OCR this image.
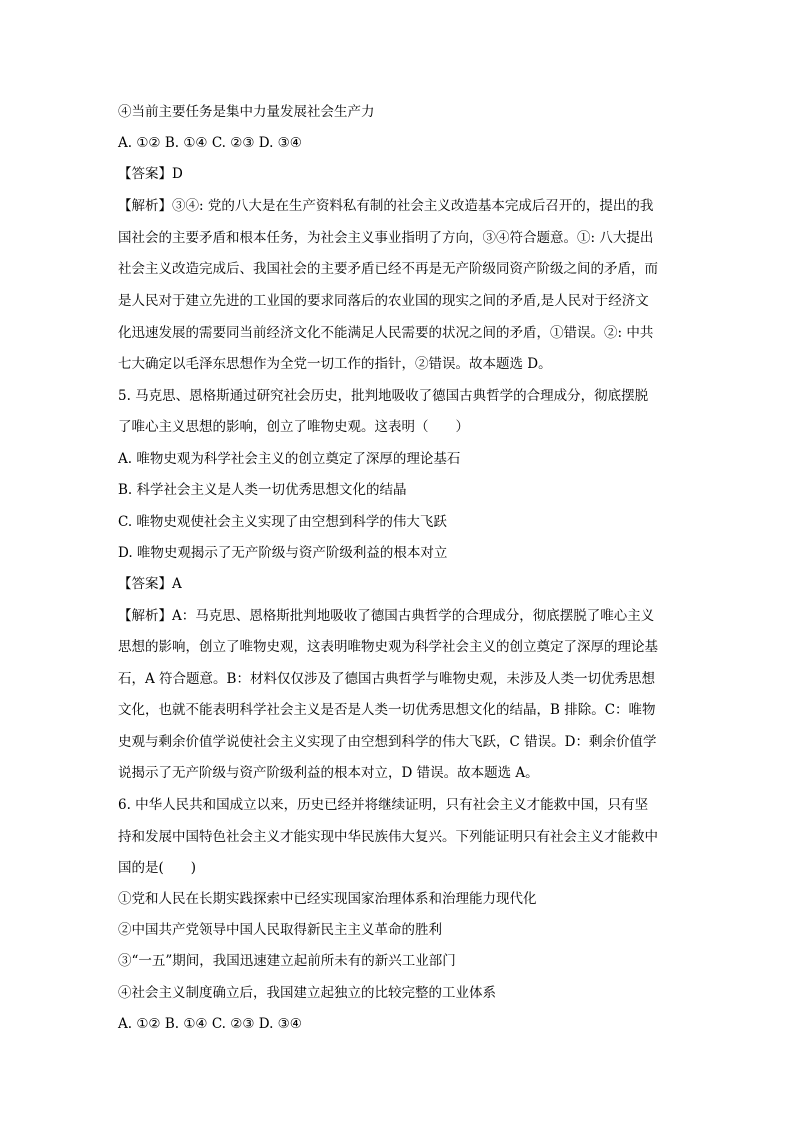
④当前主要任务是集中力量发展社会生产力
A. ①② B. ①④ C. ②③ D. ③④
【答案】D
【解析】③④: 党的八大是在生产资料私有制的社会主义改造基本完成后召开的，提出的我
国社会的主要矛盾和根本任务，为社会主义事业指明了方向，③④符合题意。①: 八大提出
社会主义改造完成后、我国社会的主要矛盾已经不再是无产阶级同资产阶级之间的矛盾，而
是人民对于建立先进的工业国的要求同落后的农业国的现实之间的矛盾,是人民对于经济文
化迅速发展的需要同当前经济文化不能满足人民需要的状况之间的矛盾，①错误。②: 中共
七大确定以毛泽东思想作为全党一切工作的指针，②错误。故本题选 D。
5. 马克思、恩格斯通过研究社会历史，批判地吸收了德国古典哲学的合理成分，彻底摆脱
了唯心主义思想的影响，创立了唯物史观。这表明（　　）
A. 唯物史观为科学社会主义的创立奠定了深厚的理论基石
B. 科学社会主义是人类一切优秀思想文化的结晶
C. 唯物史观使社会主义实现了由空想到科学的伟大飞跃
D. 唯物史观揭示了无产阶级与资产阶级利益的根本对立
【答案】A
【解析】A：马克思、恩格斯批判地吸收了德国古典哲学的合理成分，彻底摆脱了唯心主义
思想的影响，创立了唯物史观，这表明唯物史观为科学社会主义的创立奠定了深厚的理论基
石，A 符合题意。B：材料仅仅涉及了德国古典哲学与唯物史观，未涉及人类一切优秀思想
文化，也就不能表明科学社会主义是否是人类一切优秀思想文化的结晶，B 排除。C：唯物
史观与剩余价值学说使社会主义实现了由空想到科学的伟大飞跃，C 错误。D：剩余价值学
说揭示了无产阶级与资产阶级利益的根本对立，D 错误。故本题选 A。
6. 中华人民共和国成立以来，历史已经并将继续证明，只有社会主义才能救中国，只有坚
持和发展中国特色社会主义才能实现中华民族伟大复兴。下列能证明只有社会主义才能救中
国的是(　　)
①党和人民在长期实践探索中已经实现国家治理体系和治理能力现代化
②中国共产党领导中国人民取得新民主主义革命的胜利
③“一五”期间，我国迅速建立起前所未有的新兴工业部门
④社会主义制度确立后，我国建立起独立的比较完整的工业体系
A. ①② B. ①④ C. ②③ D. ③④
